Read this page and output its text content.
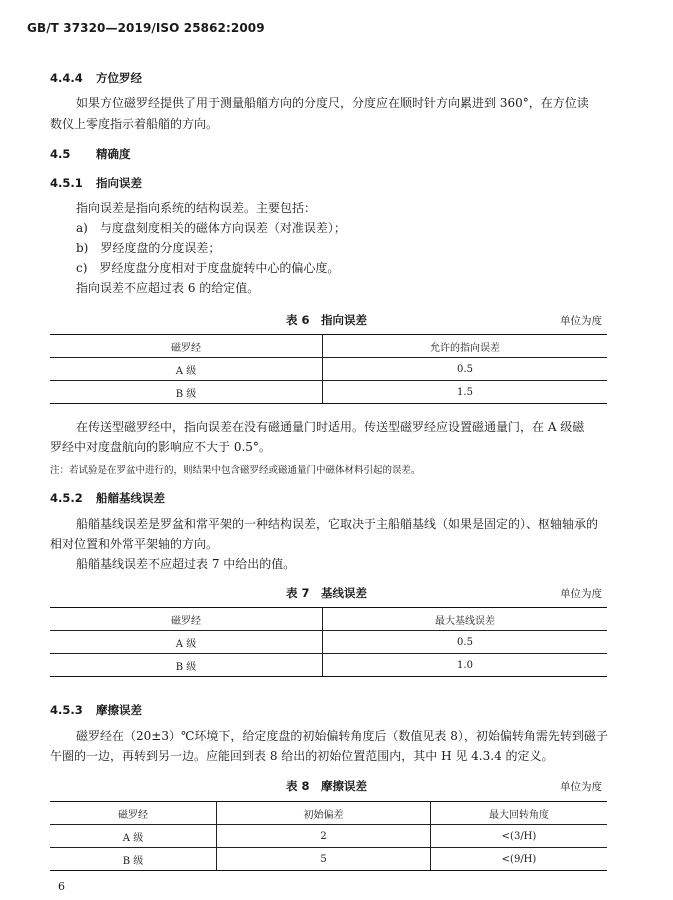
GB/T 37320—2019/ISO 25862:2009
4.4.4 方位罗经
如果方位磁罗经提供了用于测量船艏方向的分度尺，分度应在顺时针方向累进到 360°，在方位读
数仪上零度指示着船艏的方向。
4.5 精确度
4.5.1 指向误差
指向误差是指向系统的结构误差。主要包括：
a)　与度盘刻度相关的磁体方向误差（对准误差）；
b)　罗经度盘的分度误差；
c)　罗经度盘分度相对于度盘旋转中心的偏心度。
指向误差不应超过表 6 的给定值。
表 6　指向误差	单位为度
磁罗经	允许的指向误差
A 级	0.5
B 级	1.5
在传送型磁罗经中，指向误差在没有磁通量门时适用。传送型磁罗经应设置磁通量门，在 A 级磁
罗经中对度盘航向的影响应不大于 0.5°。
注：若试验是在罗盆中进行的，则结果中包含磁罗经或磁通量门中磁体材料引起的误差。
4.5.2 船艏基线误差
船艏基线误差是罗盆和常平架的一种结构误差，它取决于主船艏基线（如果是固定的）、枢轴轴承的
相对位置和外常平架轴的方向。
船艏基线误差不应超过表 7 中给出的值。
表 7　基线误差	单位为度
磁罗经	最大基线误差
A 级	0.5
B 级	1.0
4.5.3 摩擦误差
磁罗经在（20±3）℃环境下，给定度盘的初始偏转角度后（数值见表 8），初始偏转角需先转到磁子
午圈的一边，再转到另一边。应能回到表 8 给出的初始位置范围内，其中 H 见 4.3.4 的定义。
表 8　摩擦误差	单位为度
磁罗经	初始偏差	最大回转角度
A 级	2	<(3/H)
B 级	5	<(9/H)
6
